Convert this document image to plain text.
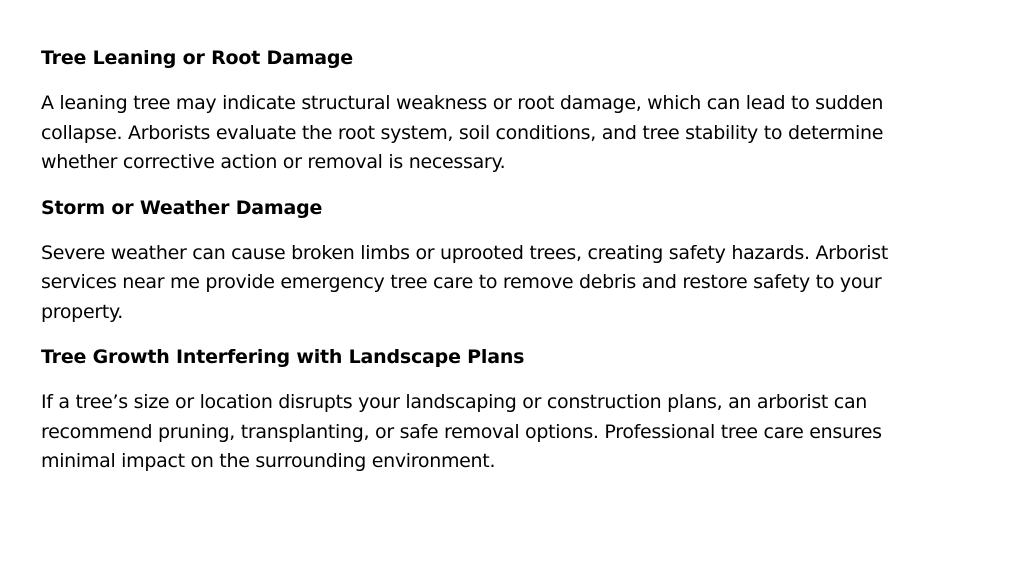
Tree Leaning or Root Damage

A leaning tree may indicate structural weakness or root damage, which can lead to sudden collapse. Arborists evaluate the root system, soil conditions, and tree stability to determine whether corrective action or removal is necessary.

Storm or Weather Damage

Severe weather can cause broken limbs or uprooted trees, creating safety hazards. Arborist services near me provide emergency tree care to remove debris and restore safety to your property.

Tree Growth Interfering with Landscape Plans

If a tree’s size or location disrupts your landscaping or construction plans, an arborist can recommend pruning, transplanting, or safe removal options. Professional tree care ensures minimal impact on the surrounding environment.
